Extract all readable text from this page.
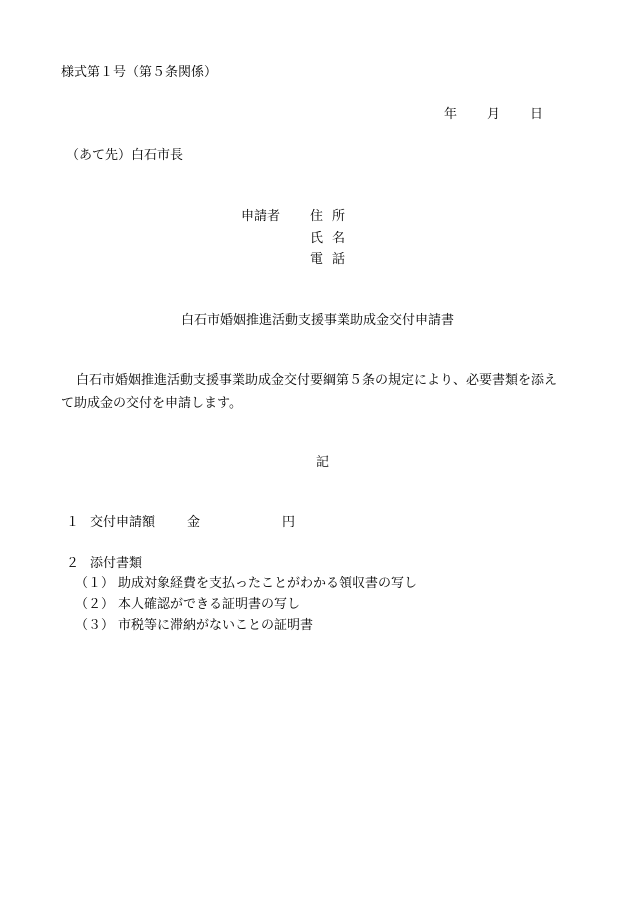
様式第１号（第５条関係）
年 月 日
（あて先）白石市長
申請者 住所
氏名
電話
白石市婚姻推進活動支援事業助成金交付申請書
白石市婚姻推進活動支援事業助成金交付要綱第５条の規定により、必要書類を添え
て助成金の交付を申請します。
記
１ 交付申請額 金	円
２ 添付書類
（１） 助成対象経費を支払ったことがわかる領収書の写し
（２） 本人確認ができる証明書の写し
（３） 市税等に滞納がないことの証明書
